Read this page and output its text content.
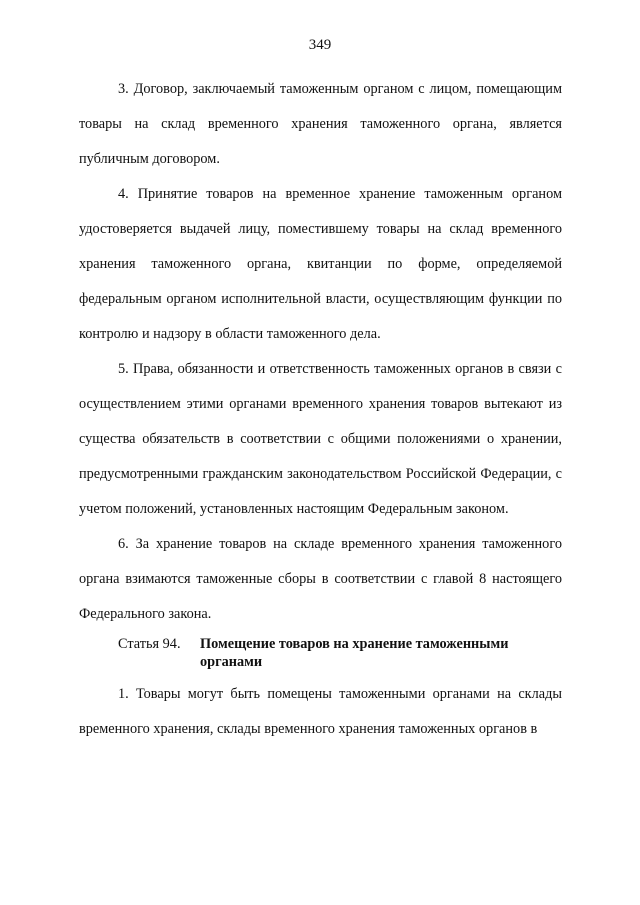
349

3. Договор, заключаемый таможенным органом с лицом, помещающим товары на склад временного хранения таможенного органа, является публичным договором.

4. Принятие товаров на временное хранение таможенным органом удостоверяется выдачей лицу, поместившему товары на склад временного хранения таможенного органа, квитанции по форме, определяемой федеральным органом исполнительной власти, осуществляющим функции по контролю и надзору в области таможенного дела.

5. Права, обязанности и ответственность таможенных органов в связи с осуществлением этими органами временного хранения товаров вытекают из существа обязательств в соответствии с общими положениями о хранении, предусмотренными гражданским законодательством Российской Федерации, с учетом положений, установленных настоящим Федеральным законом.

6. За хранение товаров на складе временного хранения таможенного органа взимаются таможенные сборы в соответствии с главой 8 настоящего Федерального закона.

Статья 94. Помещение товаров на хранение таможенными органами

1. Товары могут быть помещены таможенными органами на склады временного хранения, склады временного хранения таможенных органов в
